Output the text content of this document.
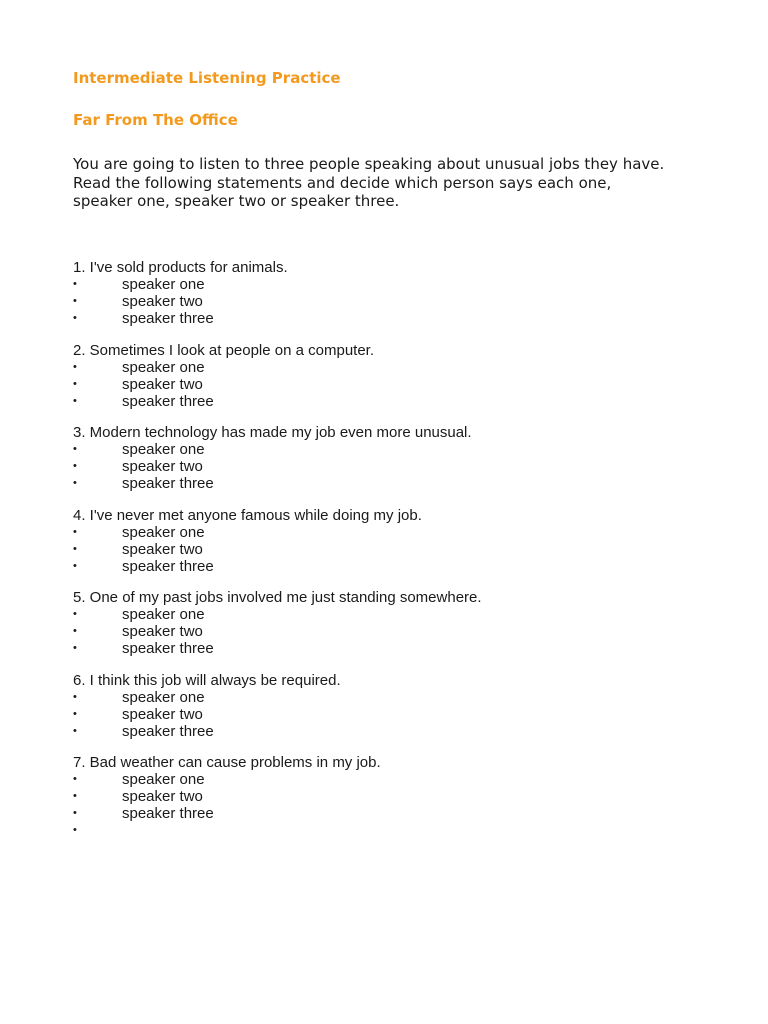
Intermediate Listening Practice
Far From The Office
You are going to listen to three people speaking about unusual jobs they have.
Read the following statements and decide which person says each one,
speaker one, speaker two or speaker three.
1. I've sold products for animals.
•	speaker one
•	speaker two
•	speaker three
2. Sometimes I look at people on a computer.
•	speaker one
•	speaker two
•	speaker three
3. Modern technology has made my job even more unusual.
•	speaker one
•	speaker two
•	speaker three
4. I've never met anyone famous while doing my job.
•	speaker one
•	speaker two
•	speaker three
5. One of my past jobs involved me just standing somewhere.
•	speaker one
•	speaker two
•	speaker three
6. I think this job will always be required.
•	speaker one
•	speaker two
•	speaker three
7. Bad weather can cause problems in my job.
•	speaker one
•	speaker two
•	speaker three
•
